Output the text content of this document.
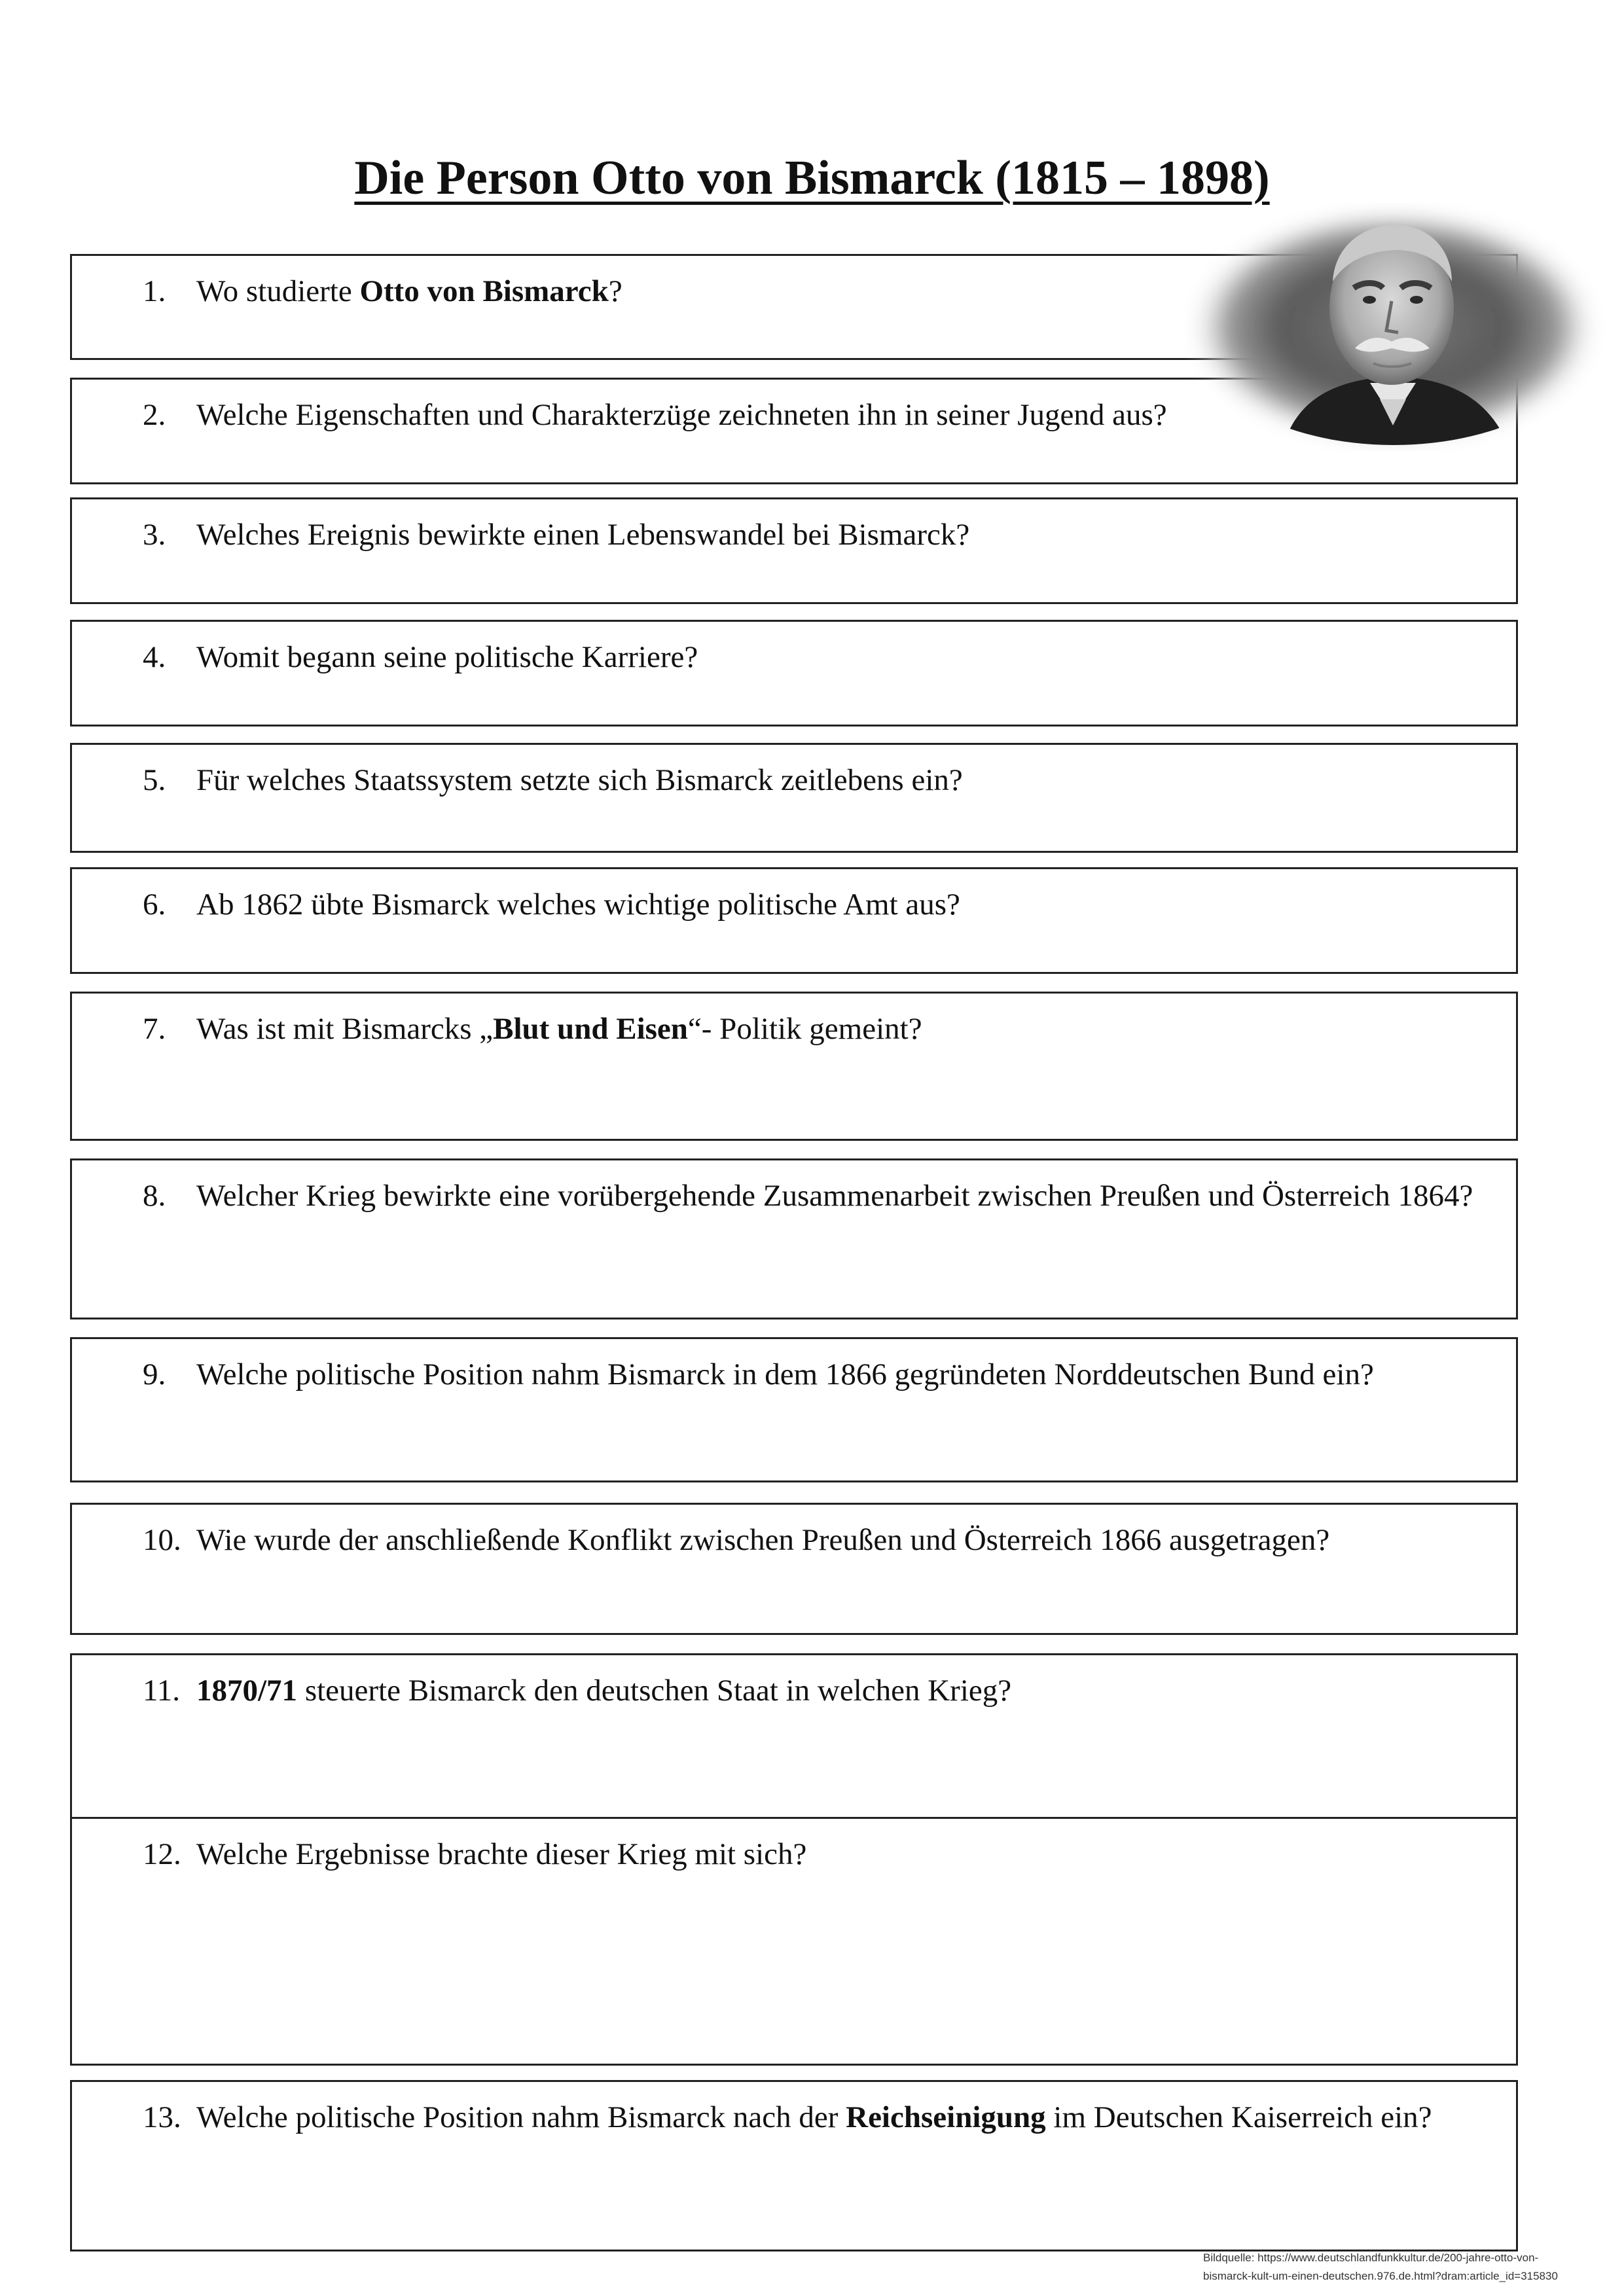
Die Person Otto von Bismarck (1815 – 1898)
1. Wo studierte Otto von Bismarck?
2. Welche Eigenschaften und Charakterzüge zeichneten ihn in seiner Jugend aus?
3. Welches Ereignis bewirkte einen Lebenswandel bei Bismarck?
4. Womit begann seine politische Karriere?
5. Für welches Staatssystem setzte sich Bismarck zeitlebens ein?
6. Ab 1862 übte Bismarck welches wichtige politische Amt aus?
7. Was ist mit Bismarcks „Blut und Eisen“- Politik gemeint?
8. Welcher Krieg bewirkte eine vorübergehende Zusammenarbeit zwischen Preußen und Österreich 1864?
9. Welche politische Position nahm Bismarck in dem 1866 gegründeten Norddeutschen Bund ein?
10. Wie wurde der anschließende Konflikt zwischen Preußen und Österreich 1866 ausgetragen?
11. 1870/71 steuerte Bismarck den deutschen Staat in welchen Krieg?
12. Welche Ergebnisse brachte dieser Krieg mit sich?
13. Welche politische Position nahm Bismarck nach der Reichseinigung im Deutschen Kaiserreich ein?
Bildquelle: https://www.deutschlandfunkkultur.de/200-jahre-otto-von-
bismarck-kult-um-einen-deutschen.976.de.html?dram:article_id=315830
